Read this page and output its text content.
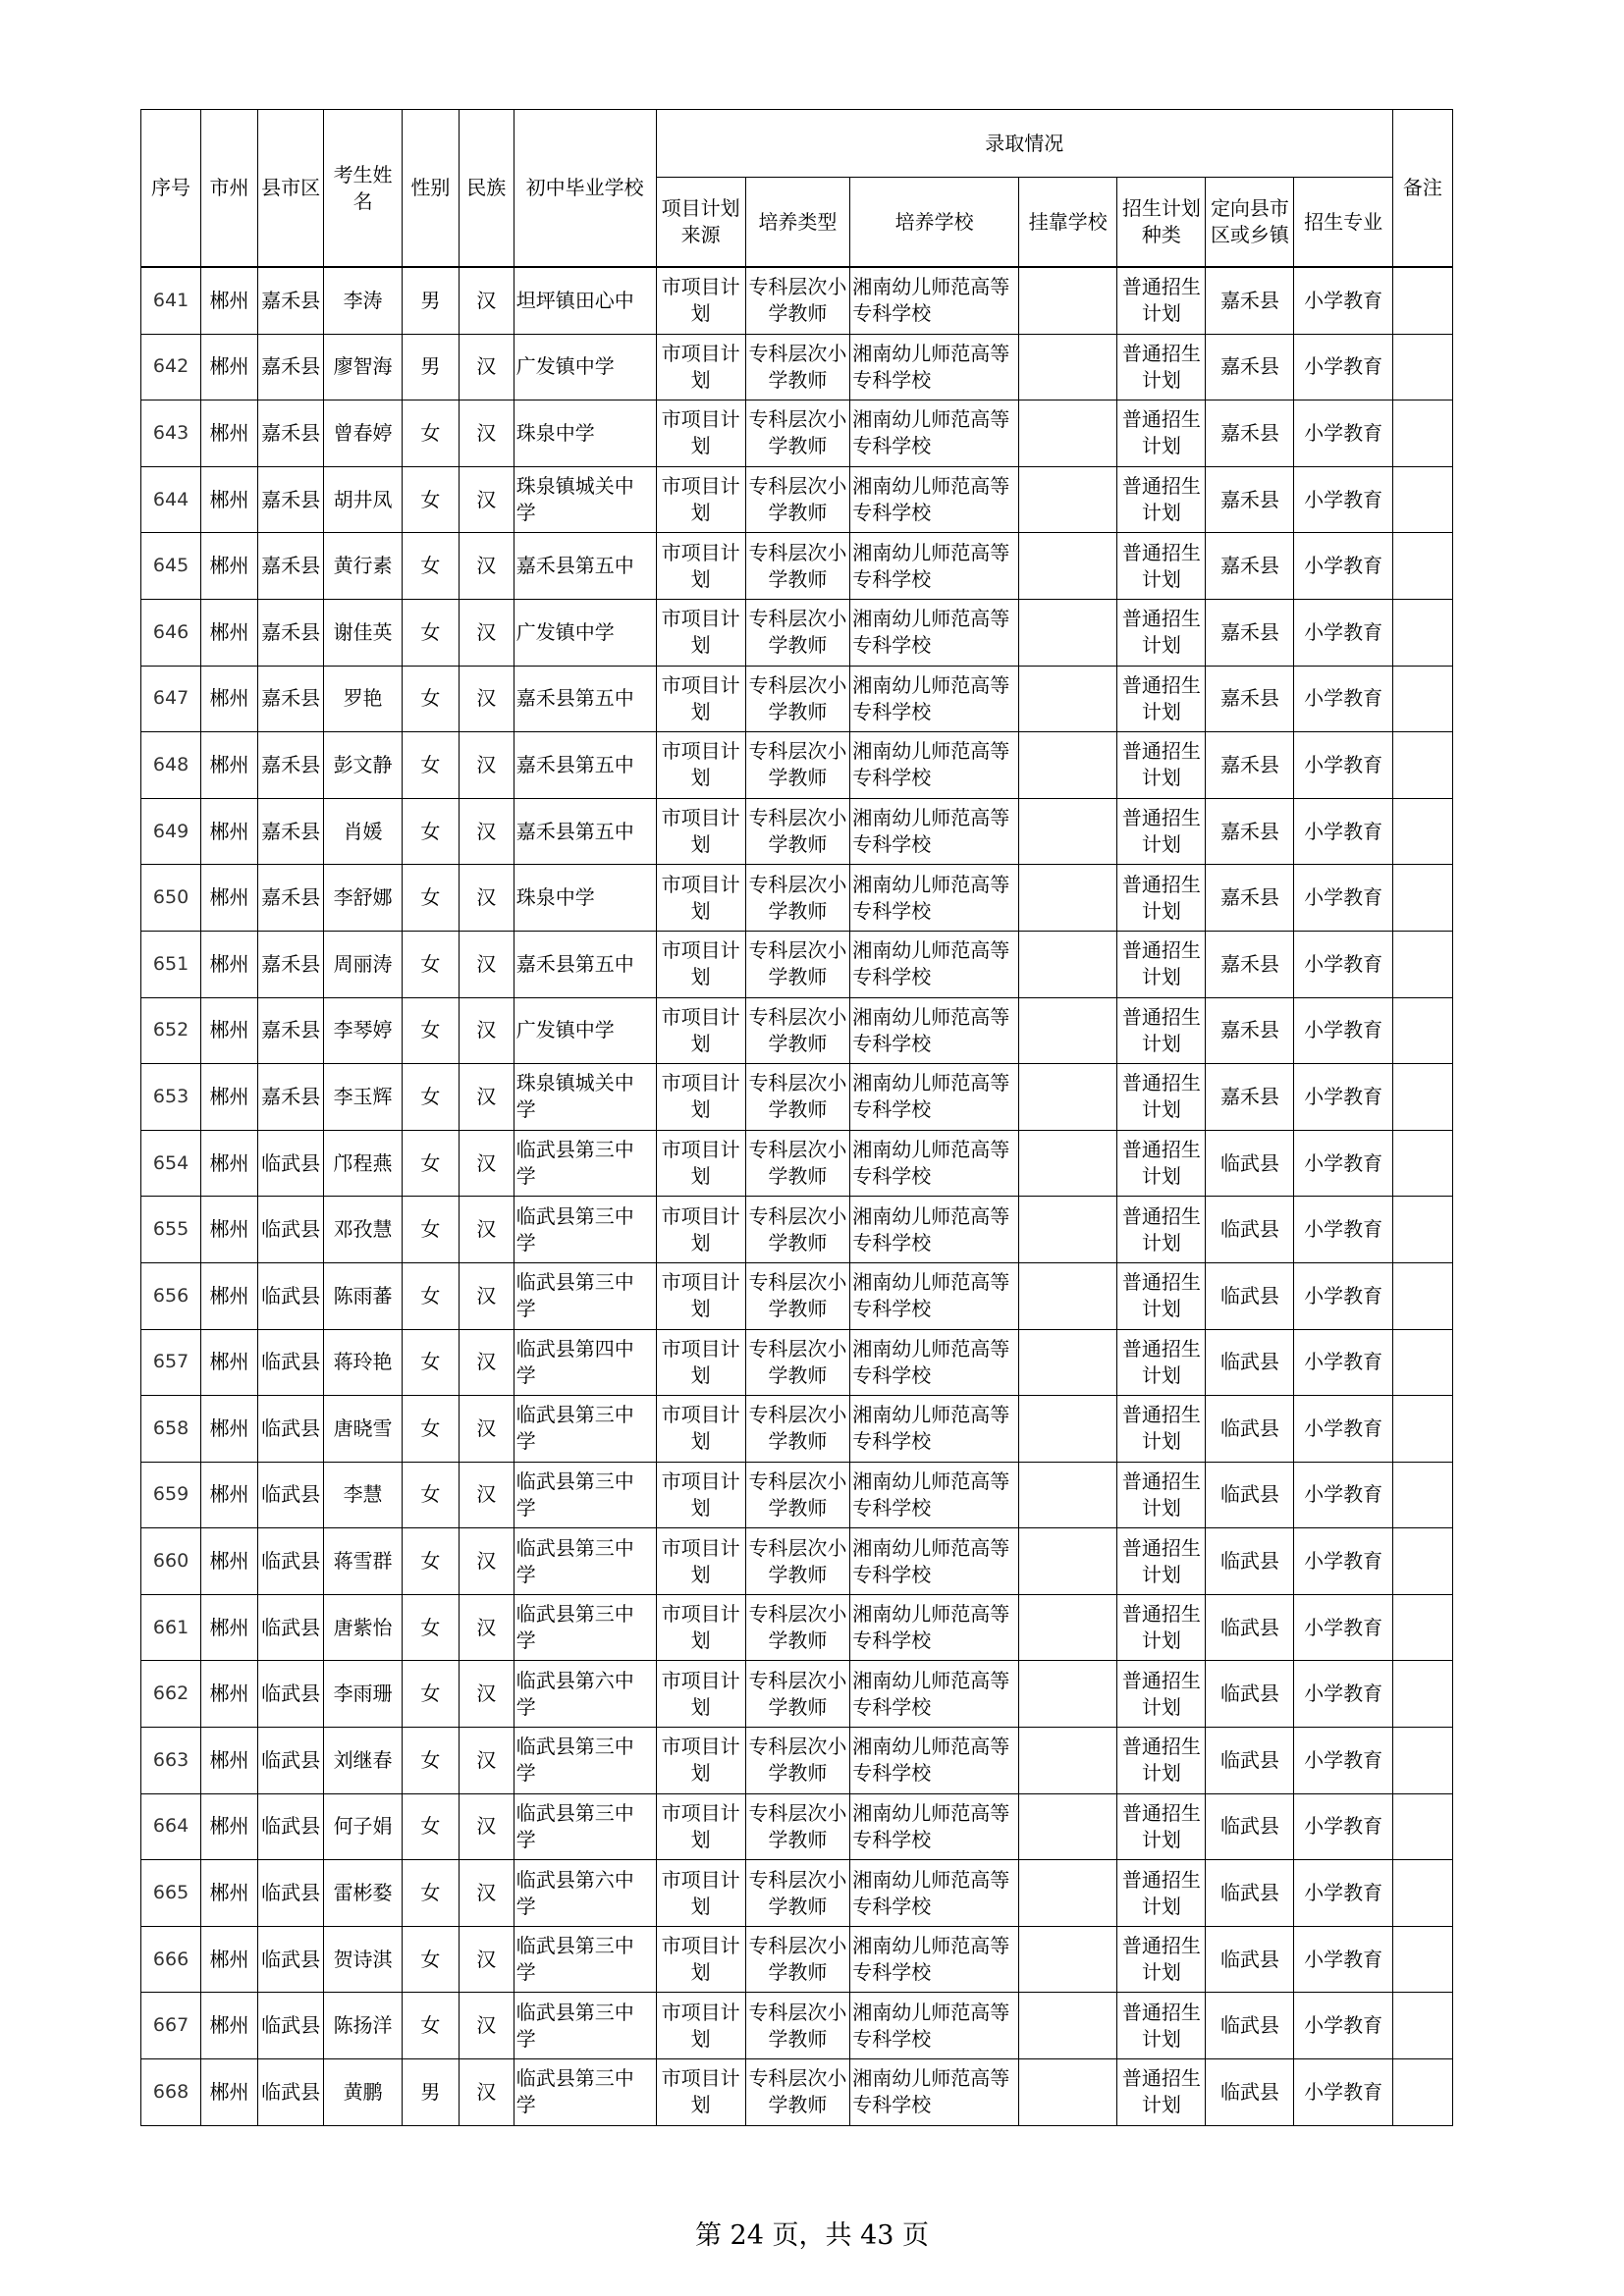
序号	市州	县市区	考生姓名	性别	民族	初中毕业学校	录取情况							备注
							项目计划来源	培养类型	培养学校	挂靠学校	招生计划种类	定向县市区或乡镇	招生专业	
641	郴州	嘉禾县	李涛	男	汉	坦坪镇田心中	市项目计划	专科层次小学教师	湘南幼儿师范高等专科学校		普通招生计划	嘉禾县	小学教育	
642	郴州	嘉禾县	廖智海	男	汉	广发镇中学	市项目计划	专科层次小学教师	湘南幼儿师范高等专科学校		普通招生计划	嘉禾县	小学教育	
643	郴州	嘉禾县	曾春婷	女	汉	珠泉中学	市项目计划	专科层次小学教师	湘南幼儿师范高等专科学校		普通招生计划	嘉禾县	小学教育	
644	郴州	嘉禾县	胡井凤	女	汉	珠泉镇城关中学	市项目计划	专科层次小学教师	湘南幼儿师范高等专科学校		普通招生计划	嘉禾县	小学教育	
645	郴州	嘉禾县	黄行素	女	汉	嘉禾县第五中	市项目计划	专科层次小学教师	湘南幼儿师范高等专科学校		普通招生计划	嘉禾县	小学教育	
646	郴州	嘉禾县	谢佳英	女	汉	广发镇中学	市项目计划	专科层次小学教师	湘南幼儿师范高等专科学校		普通招生计划	嘉禾县	小学教育	
647	郴州	嘉禾县	罗艳	女	汉	嘉禾县第五中	市项目计划	专科层次小学教师	湘南幼儿师范高等专科学校		普通招生计划	嘉禾县	小学教育	
648	郴州	嘉禾县	彭文静	女	汉	嘉禾县第五中	市项目计划	专科层次小学教师	湘南幼儿师范高等专科学校		普通招生计划	嘉禾县	小学教育	
649	郴州	嘉禾县	肖媛	女	汉	嘉禾县第五中	市项目计划	专科层次小学教师	湘南幼儿师范高等专科学校		普通招生计划	嘉禾县	小学教育	
650	郴州	嘉禾县	李舒娜	女	汉	珠泉中学	市项目计划	专科层次小学教师	湘南幼儿师范高等专科学校		普通招生计划	嘉禾县	小学教育	
651	郴州	嘉禾县	周丽涛	女	汉	嘉禾县第五中	市项目计划	专科层次小学教师	湘南幼儿师范高等专科学校		普通招生计划	嘉禾县	小学教育	
652	郴州	嘉禾县	李琴婷	女	汉	广发镇中学	市项目计划	专科层次小学教师	湘南幼儿师范高等专科学校		普通招生计划	嘉禾县	小学教育	
653	郴州	嘉禾县	李玉辉	女	汉	珠泉镇城关中学	市项目计划	专科层次小学教师	湘南幼儿师范高等专科学校		普通招生计划	嘉禾县	小学教育	
654	郴州	临武县	邝程燕	女	汉	临武县第三中学	市项目计划	专科层次小学教师	湘南幼儿师范高等专科学校		普通招生计划	临武县	小学教育	
655	郴州	临武县	邓孜慧	女	汉	临武县第三中学	市项目计划	专科层次小学教师	湘南幼儿师范高等专科学校		普通招生计划	临武县	小学教育	
656	郴州	临武县	陈雨蕃	女	汉	临武县第三中学	市项目计划	专科层次小学教师	湘南幼儿师范高等专科学校		普通招生计划	临武县	小学教育	
657	郴州	临武县	蒋玲艳	女	汉	临武县第四中学	市项目计划	专科层次小学教师	湘南幼儿师范高等专科学校		普通招生计划	临武县	小学教育	
658	郴州	临武县	唐晓雪	女	汉	临武县第三中学	市项目计划	专科层次小学教师	湘南幼儿师范高等专科学校		普通招生计划	临武县	小学教育	
659	郴州	临武县	李慧	女	汉	临武县第三中学	市项目计划	专科层次小学教师	湘南幼儿师范高等专科学校		普通招生计划	临武县	小学教育	
660	郴州	临武县	蒋雪群	女	汉	临武县第三中学	市项目计划	专科层次小学教师	湘南幼儿师范高等专科学校		普通招生计划	临武县	小学教育	
661	郴州	临武县	唐紫怡	女	汉	临武县第三中学	市项目计划	专科层次小学教师	湘南幼儿师范高等专科学校		普通招生计划	临武县	小学教育	
662	郴州	临武县	李雨珊	女	汉	临武县第六中学	市项目计划	专科层次小学教师	湘南幼儿师范高等专科学校		普通招生计划	临武县	小学教育	
663	郴州	临武县	刘继春	女	汉	临武县第三中学	市项目计划	专科层次小学教师	湘南幼儿师范高等专科学校		普通招生计划	临武县	小学教育	
664	郴州	临武县	何子娟	女	汉	临武县第三中学	市项目计划	专科层次小学教师	湘南幼儿师范高等专科学校		普通招生计划	临武县	小学教育	
665	郴州	临武县	雷彬婺	女	汉	临武县第六中学	市项目计划	专科层次小学教师	湘南幼儿师范高等专科学校		普通招生计划	临武县	小学教育	
666	郴州	临武县	贺诗淇	女	汉	临武县第三中学	市项目计划	专科层次小学教师	湘南幼儿师范高等专科学校		普通招生计划	临武县	小学教育	
667	郴州	临武县	陈扬洋	女	汉	临武县第三中学	市项目计划	专科层次小学教师	湘南幼儿师范高等专科学校		普通招生计划	临武县	小学教育	
668	郴州	临武县	黄鹏	男	汉	临武县第三中学	市项目计划	专科层次小学教师	湘南幼儿师范高等专科学校		普通招生计划	临武县	小学教育	
第 24 页，共 43 页
